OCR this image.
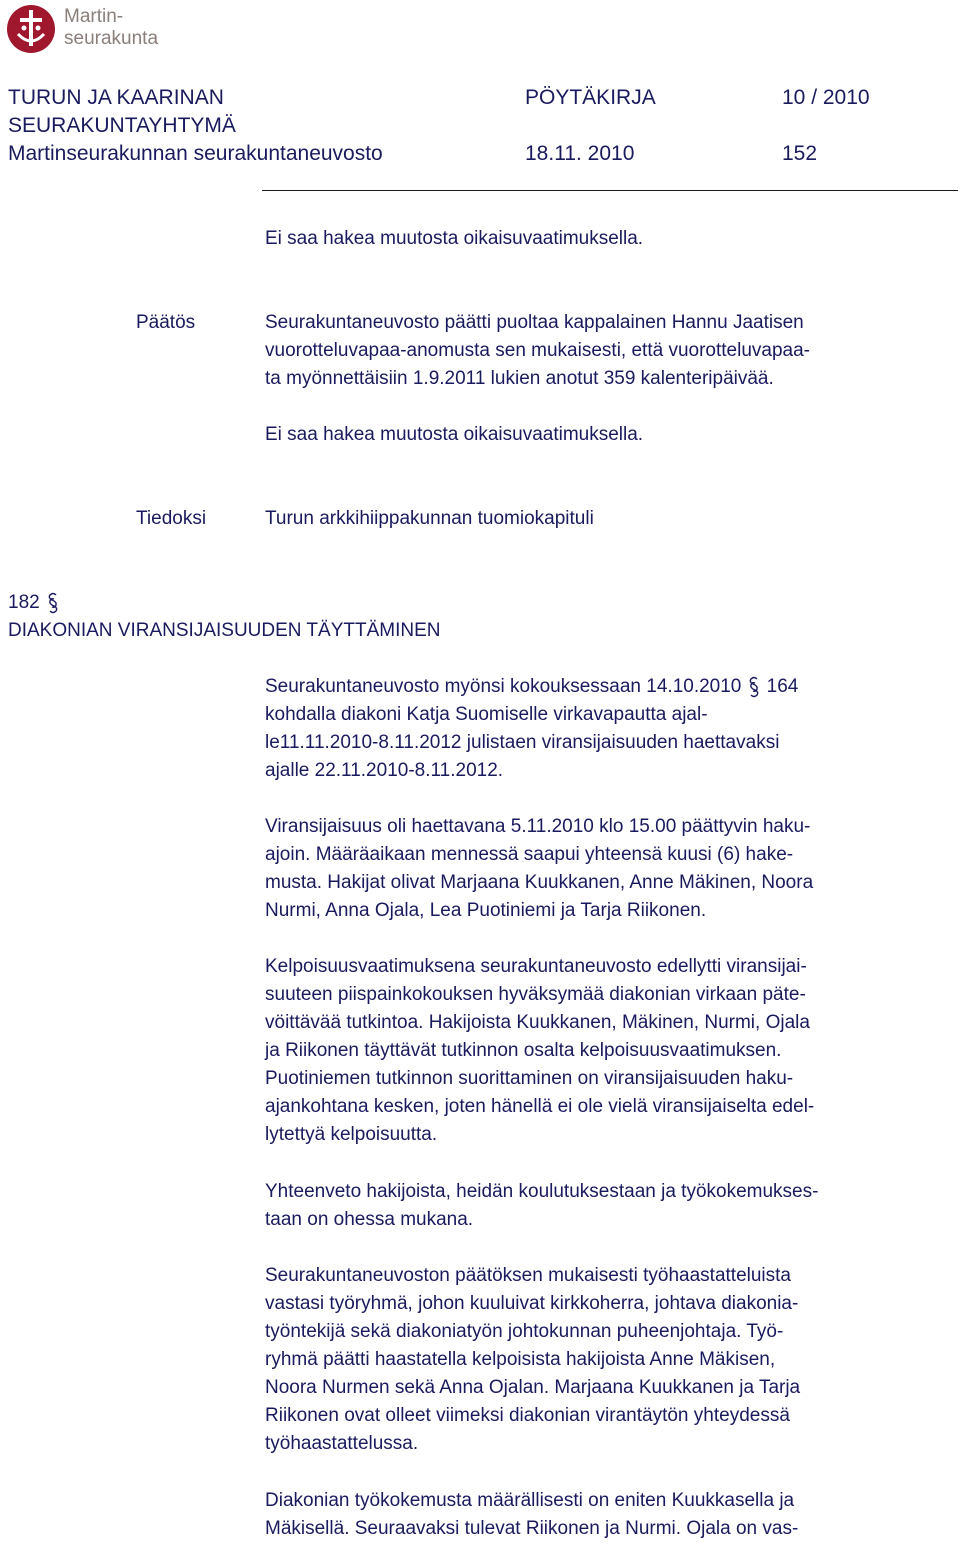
Martin-
seurakunta
TURUN JA KAARINAN
SEURAKUNTAYHTYMÄ
Martinseurakunnan seurakuntaneuvosto
PÖYTÄKIRJA	10 / 2010
18.11. 2010	152
Ei saa hakea muutosta oikaisuvaatimuksella.
Päätös	Seurakuntaneuvosto päätti puoltaa kappalainen Hannu Jaatisen

vuorotteluvapaa-anomusta sen mukaisesti, että vuorotteluvapaa-

ta myönnettäisiin 1.9.2011 lukien anotut 359 kalenteripäivää.

Ei saa hakea muutosta oikaisuvaatimuksella.
Tiedoksi	Turun arkkihiippakunnan tuomiokapituli
182
DIAKONIAN VIRANSIJAISUUDEN TÄYTTÄMINEN

Seurakuntaneuvosto myönsi kokouksessaan 14.10.2010 164

kohdalla diakoni Katja Suomiselle virkavapautta ajal-

le11.11.2010-8.11.2012 julistaen viransijaisuuden haettavaksi

ajalle 22.11.2010-8.11.2012.

Viransijaisuus oli haettavana 5.11.2010 klo 15.00 päättyvin haku-

ajoin. Määräaikaan mennessä saapui yhteensä kuusi (6) hake-

musta. Hakijat olivat Marjaana Kuukkanen, Anne Mäkinen, Noora

Nurmi, Anna Ojala, Lea Puotiniemi ja Tarja Riikonen.

Kelpoisuusvaatimuksena seurakuntaneuvosto edellytti viransijai-

suuteen piispainkokouksen hyväksymää diakonian virkaan päte-

vöittävää tutkintoa. Hakijoista Kuukkanen, Mäkinen, Nurmi, Ojala

ja Riikonen täyttävät tutkinnon osalta kelpoisuusvaatimuksen.

Puotiniemen tutkinnon suorittaminen on viransijaisuuden haku-

ajankohtana kesken, joten hänellä ei ole vielä viransijaiselta edel-

lytettyä kelpoisuutta.

Yhteenveto hakijoista, heidän koulutuksestaan ja työkokemukses-

taan on ohessa mukana.

Seurakuntaneuvoston päätöksen mukaisesti työhaastatteluista

vastasi työryhmä, johon kuuluivat kirkkoherra, johtava diakonia-

työntekijä sekä diakoniatyön johtokunnan puheenjohtaja. Työ-

ryhmä päätti haastatella kelpoisista hakijoista Anne Mäkisen,

Noora Nurmen sekä Anna Ojalan. Marjaana Kuukkanen ja Tarja

Riikonen ovat olleet viimeksi diakonian virantäytön yhteydessä

työhaastattelussa.

Diakonian työkokemusta määrällisesti on eniten Kuukkasella ja

Mäkisellä. Seuraavaksi tulevat Riikonen ja Nurmi. Ojala on vas-
